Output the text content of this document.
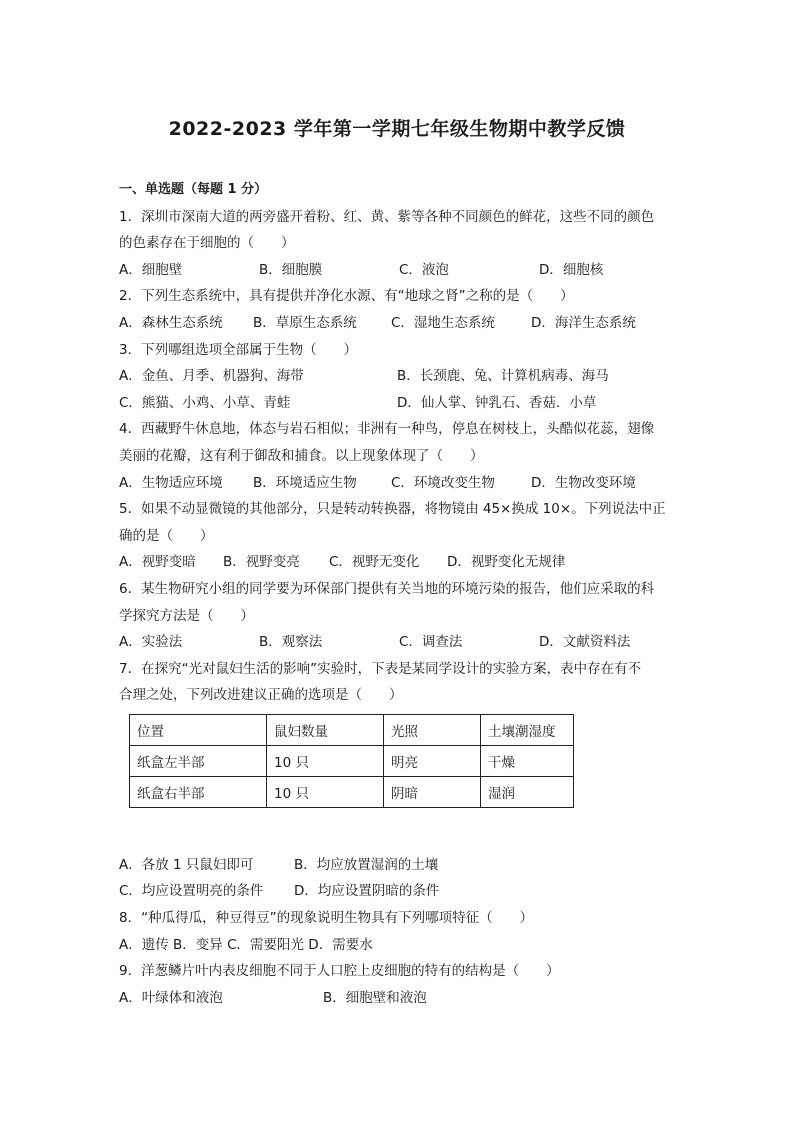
2022-2023 学年第一学期七年级生物期中教学反馈
一、单选题（每题 1 分）
1．深圳市深南大道的两旁盛开着粉、红、黄、紫等各种不同颜色的鲜花，这些不同的颜色
的色素存在于细胞的（　　）
A．细胞壁	B．细胞膜	C．液泡	D．细胞核
2．下列生态系统中，具有提供并净化水源、有“地球之肾”之称的是（　　）
A．森林生态系统	B．草原生态系统	C．湿地生态系统	D．海洋生态系统
3．下列哪组选项全部属于生物（　　）
A．金鱼、月季、机器狗、海带	B．长颈鹿、兔、计算机病毒、海马
C．熊猫、小鸡、小草、青蛙	D．仙人掌、钟乳石、香菇．小草
4．西藏野牛休息地，体态与岩石相似；非洲有一种鸟，停息在树枝上，头酷似花蕊，翅像
美丽的花瓣，这有利于御敌和捕食。以上现象体现了（　　）
A．生物适应环境	B．环境适应生物	C．环境改变生物	D．生物改变环境
5．如果不动显微镜的其他部分，只是转动转换器，将物镜由 45×换成 10×。下列说法中正
确的是（　　）
A．视野变暗	B．视野变亮	C．视野无变化	D．视野变化无规律
6．某生物研究小组的同学要为环保部门提供有关当地的环境污染的报告，他们应采取的科
学探究方法是（　　）
A．实验法	B．观察法	C．调查法	D．文献资料法
7．在探究“光对鼠妇生活的影响”实验时，下表是某同学设计的实验方案，表中存在有不
合理之处，下列改进建议正确的选项是（　　）
位置	鼠妇数量	光照	土壤潮湿度
纸盒左半部	10 只	明亮	干燥
纸盒右半部	10 只	阴暗	湿润
A．各放 1 只鼠妇即可	B．均应放置湿润的土壤
C．均应设置明亮的条件	D．均应设置阴暗的条件
8．“种瓜得瓜，种豆得豆”的现象说明生物具有下列哪项特征（　　）
A．遗传 B．变异 C．需要阳光 D．需要水
9．洋葱鳞片叶内表皮细胞不同于人口腔上皮细胞的特有的结构是（　　）
A．叶绿体和液泡	B．细胞壁和液泡
